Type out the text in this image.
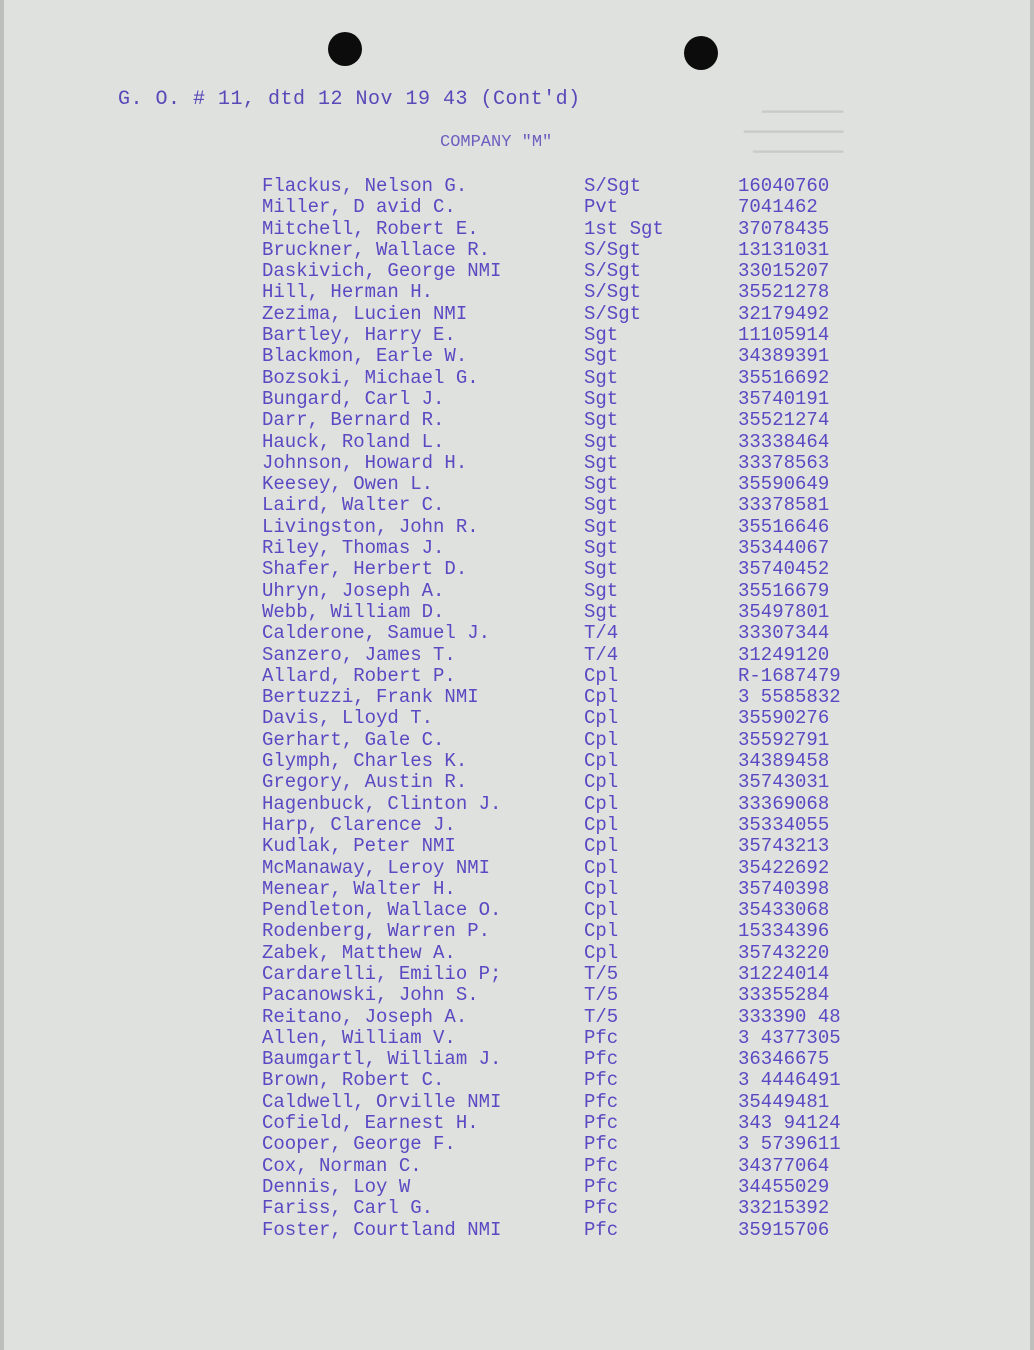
▁▁▁▁▁▁▁▁▁
▁▁▁▁▁▁▁▁▁▁▁
▁▁▁▁▁▁▁▁▁▁
G. O. # 11, dtd 12 Nov 19 43 (Cont'd)
COMPANY "M"
Flackus, Nelson G.	S/Sgt	16040760
Miller, D avid C.	Pvt	7041462
Mitchell, Robert E.	1st Sgt	37078435
Bruckner, Wallace R.	S/Sgt	13131031
Daskivich, George NMI	S/Sgt	33015207
Hill, Herman H.	S/Sgt	35521278
Zezima, Lucien NMI	S/Sgt	32179492
Bartley, Harry E.	Sgt	11105914
Blackmon, Earle W.	Sgt	34389391
Bozsoki, Michael G.	Sgt	35516692
Bungard, Carl J.	Sgt	35740191
Darr, Bernard R.	Sgt	35521274
Hauck, Roland L.	Sgt	33338464
Johnson, Howard H.	Sgt	33378563
Keesey, Owen L.	Sgt	35590649
Laird, Walter C.	Sgt	33378581
Livingston, John R.	Sgt	35516646
Riley, Thomas J.	Sgt	35344067
Shafer, Herbert D.	Sgt	35740452
Uhryn, Joseph A.	Sgt	35516679
Webb, William D.	Sgt	35497801
Calderone, Samuel J.	T/4	33307344
Sanzero, James T.	T/4	31249120
Allard, Robert P.	Cpl	R-1687479
Bertuzzi, Frank NMI	Cpl	3 5585832
Davis, Lloyd T.	Cpl	35590276
Gerhart, Gale C.	Cpl	35592791
Glymph, Charles K.	Cpl	34389458
Gregory, Austin R.	Cpl	35743031
Hagenbuck, Clinton J.	Cpl	33369068
Harp, Clarence J.	Cpl	35334055
Kudlak, Peter NMI	Cpl	35743213
McManaway, Leroy NMI	Cpl	35422692
Menear, Walter H.	Cpl	35740398
Pendleton, Wallace O.	Cpl	35433068
Rodenberg, Warren P.	Cpl	15334396
Zabek, Matthew A.	Cpl	35743220
Cardarelli, Emilio P;	T/5	31224014
Pacanowski, John S.	T/5	33355284
Reitano, Joseph A.	T/5	333390 48
Allen, William V.	Pfc	3 4377305
Baumgartl, William J.	Pfc	36346675
Brown, Robert C.	Pfc	3 4446491
Caldwell, Orville NMI	Pfc	35449481
Cofield, Earnest H.	Pfc	343 94124
Cooper, George F.	Pfc	3 5739611
Cox, Norman C.	Pfc	34377064
Dennis, Loy W	Pfc	34455029
Fariss, Carl G.	Pfc	33215392
Foster, Courtland NMI	Pfc	35915706
